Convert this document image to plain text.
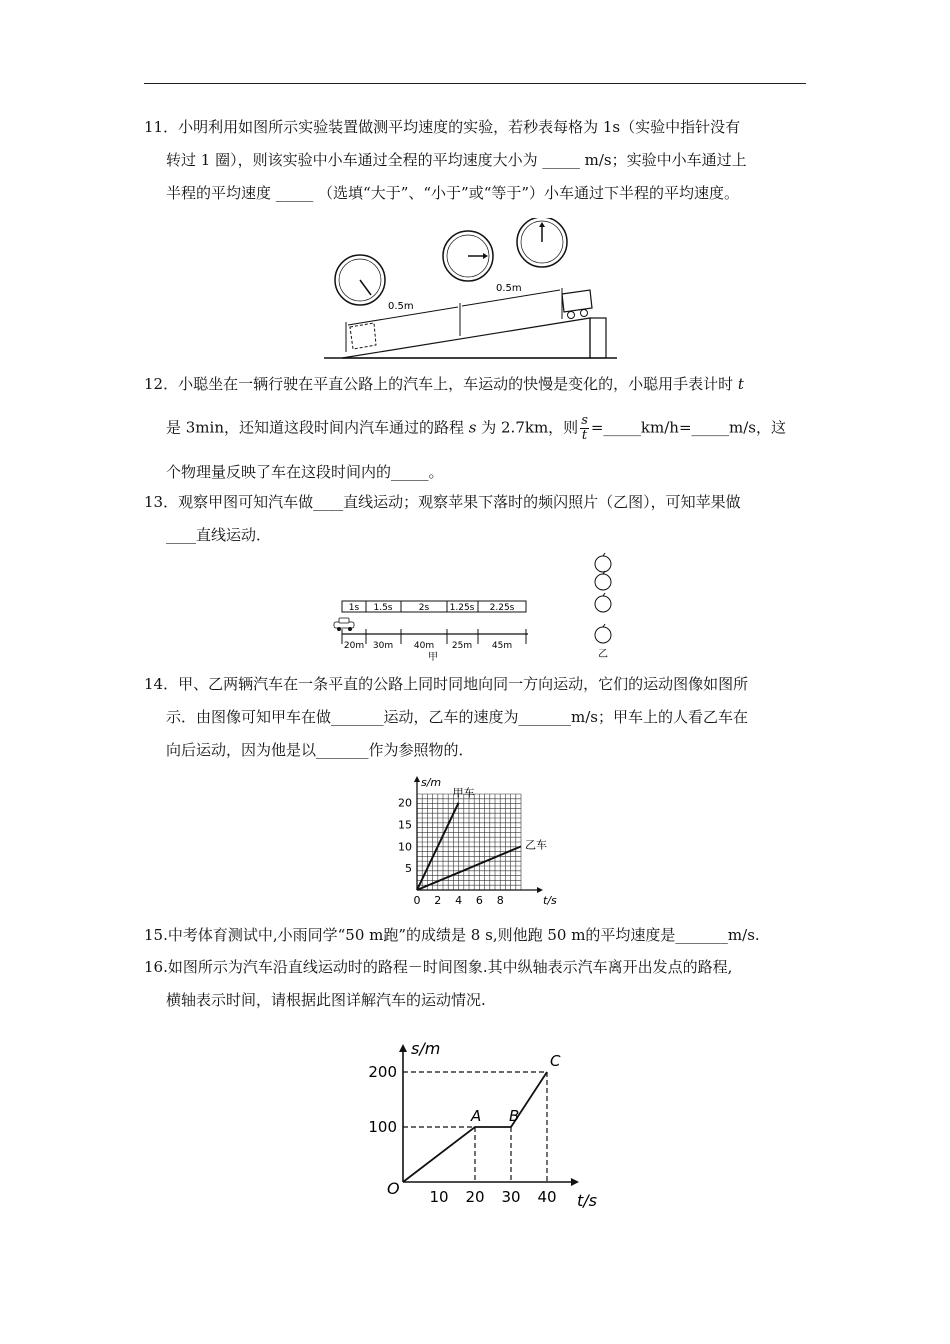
11．小明利用如图所示实验装置做测平均速度的实验，若秒表每格为 1s（实验中指针没有
转过 1 圈），则该实验中小车通过全程的平均速度大小为 _____ m/s；实验中小车通过上
半程的平均速度 _____ （选填“大于”、“小于”或“等于”）小车通过下半程的平均速度。
0.5m
0.5m
12．小聪坐在一辆行驶在平直公路上的汽车上，车运动的快慢是变化的，小聪用手表计时 t
是 3min，还知道这段时间内汽车通过的路程 s 为 2.7km，则 $\frac{s}{t}$ =_____km/h=_____m/s，这
个物理量反映了车在这段时间内的_____。
13．观察甲图可知汽车做____直线运动；观察苹果下落时的频闪照片（乙图），可知苹果做
____直线运动．
1s 1.5s	2s 1.25s 2.25s
20m 30m 40m 25m 45m
甲	乙
14．甲、乙两辆汽车在一条平直的公路上同时同地向同一方向运动，它们的运动图像如图所
示．由图像可知甲车在做_______运动，乙车的速度为_______m/s；甲车上的人看乙车在
向后运动，因为他是以_______作为参照物的．
0 2 4 6 8
5
10
15
20
t/s
s/m
甲车
乙车
15.中考体育测试中,小雨同学“50 m跑”的成绩是 8 s,则他跑 50 m的平均速度是_______m/s.
16.如图所示为汽车沿直线运动时的路程－时间图象.其中纵轴表示汽车离开出发点的路程,
横轴表示时间，请根据此图详解汽车的运动情况.
s/m
t/s
O 10 20 30 40
100
200
A B
C
